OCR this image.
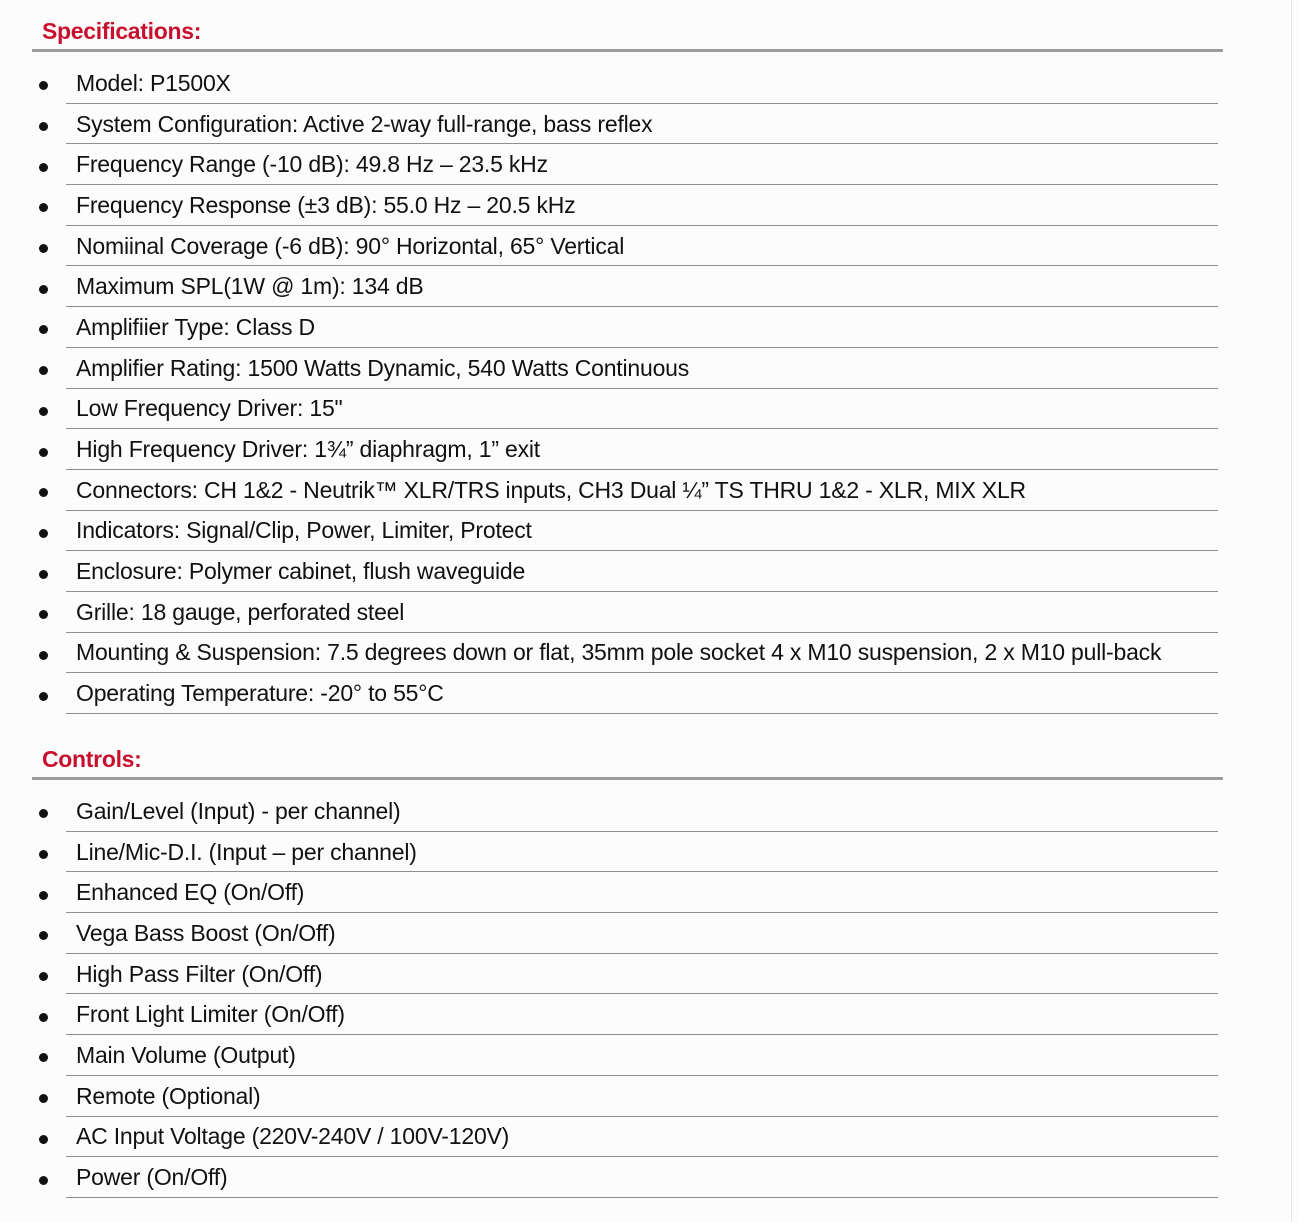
Specifications:
Model: P1500X
System Configuration: Active 2-way full-range, bass reflex
Frequency Range (-10 dB): 49.8 Hz – 23.5 kHz
Frequency Response (±3 dB): 55.0 Hz – 20.5 kHz
Nomiinal Coverage (-6 dB): 90° Horizontal, 65° Vertical
Maximum SPL(1W @ 1m): 134 dB
Amplifiier Type: Class D
Amplifier Rating: 1500 Watts Dynamic, 540 Watts Continuous
Low Frequency Driver: 15"
High Frequency Driver: 1¾” diaphragm, 1” exit
Connectors: CH 1&2 - Neutrik™ XLR/TRS inputs, CH3 Dual ¼” TS THRU 1&2 - XLR, MIX XLR
Indicators: Signal/Clip, Power, Limiter, Protect
Enclosure: Polymer cabinet, flush waveguide
Grille: 18 gauge, perforated steel
Mounting & Suspension: 7.5 degrees down or flat, 35mm pole socket 4 x M10 suspension, 2 x M10 pull-back
Operating Temperature: -20° to 55°C
Controls:
Gain/Level (Input) - per channel)
Line/Mic-D.I. (Input – per channel)
Enhanced EQ (On/Off)
Vega Bass Boost (On/Off)
High Pass Filter (On/Off)
Front Light Limiter (On/Off)
Main Volume (Output)
Remote (Optional)
AC Input Voltage (220V-240V / 100V-120V)
Power (On/Off)
